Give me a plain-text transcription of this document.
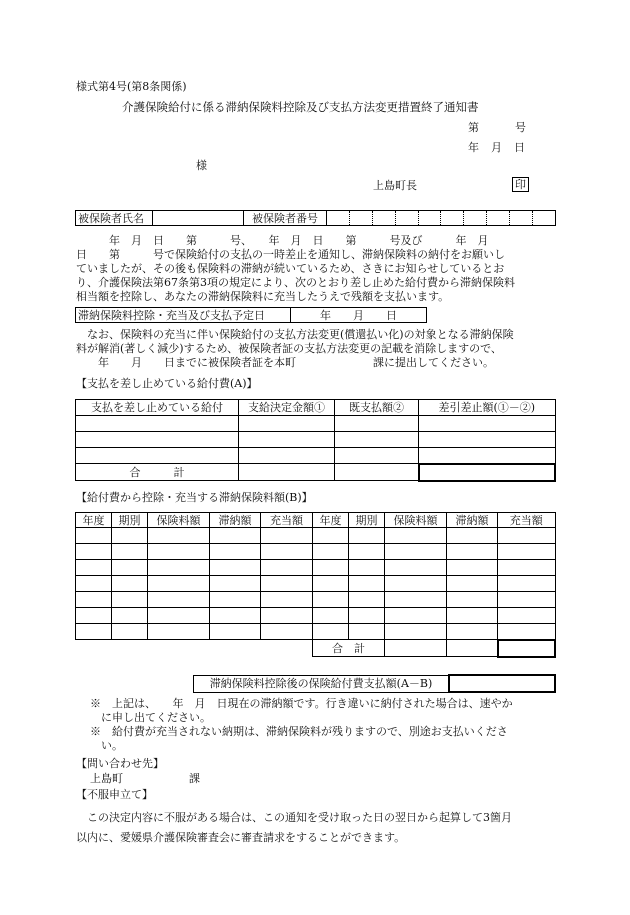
様式第4号(第8条関係)
介護保険給付に係る滞納保険料控除及び支払方法変更措置終了通知書
第	号
年 月 日
様
上島町長	印
被保険者氏名		被保険者番号										
　　　年　月　日　　第　　　号、　　年　月　日　　第　　　号及び　　　年　月
日　　第　　　号で保険給付の支払の一時差止を通知し、滞納保険料の納付をお願いし
ていましたが、その後も保険料の滞納が続いているため、さきにお知らせしているとお
り、介護保険法第67条第3項の規定により、次のとおり差し止めた給付費から滞納保険料
相当額を控除し、あなたの滞納保険料に充当したうえで残額を支払います。
滞納保険料控除・充当及び支払予定日	年　　月　　日
　なお、保険料の充当に伴い保険給付の支払方法変更(償還払い化)の対象となる滞納保険
料が解消(著しく減少)するため、被保険者証の支払方法変更の記載を消除しますので、
　　年　　月　　日までに被保険者証を本町　　　　　　　課に提出してください。
【支払を差し止めている給付費(A)】
支払を差し止めている給付	支給決定金額①	既支払額②	差引差止額(①－②)

合　　　計			
【給付費から控除・充当する滞納保険料額(B)】
年度	期別	保険料額	滞納額	充当額	年度	期別	保険料額	滞納額	充当額

					合　計				
滞納保険料控除後の保険給付費支払額(A－B)	
※　上記は、　　年　月　日現在の滞納額です。行き違いに納付された場合は、速やか
　に申し出てください。
※　給付費が充当されない納期は、滞納保険料が残りますので、別途お支払いくださ
　い。
【問い合わせ先】
上島町　　　　　　課
【不服申立て】
　この決定内容に不服がある場合は、この通知を受け取った日の翌日から起算して3箇月
以内に、愛媛県介護保険審査会に審査請求をすることができます。
